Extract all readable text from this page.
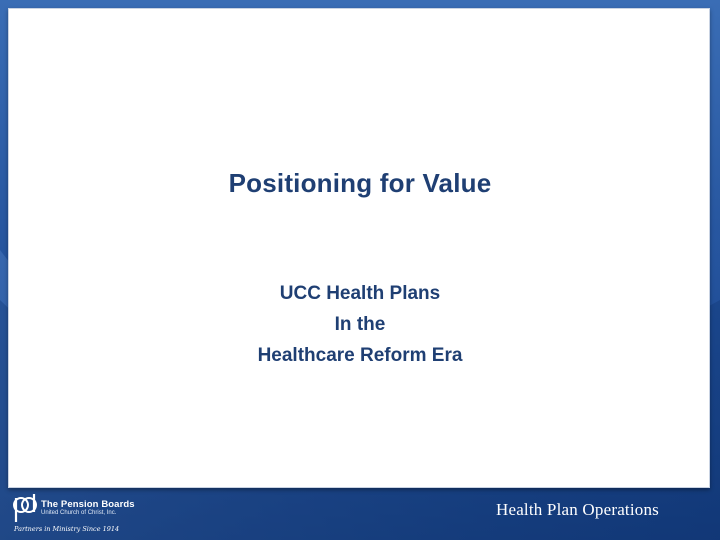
Positioning for Value
UCC Health Plans
In the
Healthcare Reform Era
The Pension Boards
United Church of Christ, Inc.
Partners in Ministry Since 1914
Health Plan Operations
